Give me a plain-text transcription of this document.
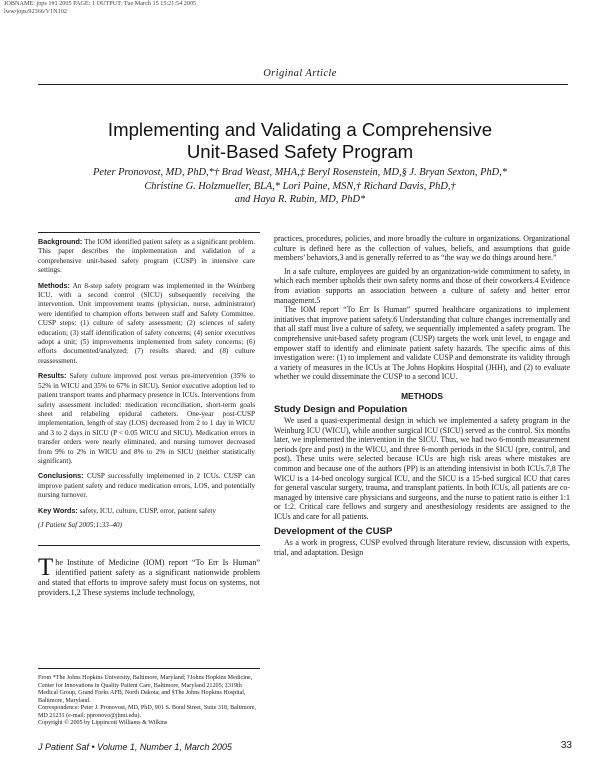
JOBNAME: jops 1#1 2005 PAGE: 1 OUTPUT: Tue March 15 15:21:54 2005
lww/jops/92366/V1N102
Original Article
Implementing and Validating a Comprehensive
Unit-Based Safety Program
Peter Pronovost, MD, PhD,*† Brad Weast, MHA,‡ Beryl Rosenstein, MD,§ J. Bryan Sexton, PhD,*
Christine G. Holzmueller, BLA,* Lori Paine, MSN,† Richard Davis, PhD,†
and Haya R. Rubin, MD, PhD*

Background: The IOM identified patient safety as a significant problem. This paper describes the implementation and validation of a comprehensive unit-based safety program (CUSP) in intensive care settings.

Methods: An 8-step safety program was implemented in the Weinberg ICU, with a second control (SICU) subsequently receiving the intervention. Unit improvement teams (physician, nurse, administrator) were identified to champion efforts between staff and Safety Committee. CUSP steps: (1) culture of safety assessment; (2) sciences of safety education; (3) staff identification of safety concerns; (4) senior executives adopt a unit; (5) improvements implemented from safety concerns; (6) efforts documented/analyzed; (7) results shared; and (8) culture reassessment.

Results: Safety culture improved post versus pre-intervention (35% to 52% in WICU and 35% to 67% in SICU). Senior executive adoption led to patient transport teams and pharmacy presence in ICUs. Interventions from safety assessment included: medication reconciliation, short-term goals sheet and relabeling epidural catheters. One-year post-CUSP implementation, length of stay (LOS) decreased from 2 to 1 day in WICU and 3 to 2 days in SICU (P < 0.05 WICU and SICU). Medication errors in transfer orders were nearly eliminated, and nursing turnover decreased from 9% to 2% in WICU and 8% to 2% in SICU (neither statistically significant).

Conclusions: CUSP successfully implemented in 2 ICUs. CUSP can improve patient safety and reduce medication errors, LOS, and potentially nursing turnover.

Key Words: safety, ICU, culture, CUSP, error, patient safety

(J Patient Saf 2005;1:33–40)

The Institute of Medicine (IOM) report “To Err Is Human” identified patient safety as a significant nationwide problem and stated that efforts to improve safety must focus on systems, not providers.1,2 These systems include technology,
From *The Johns Hopkins University, Baltimore, Maryland; †Johns Hopkins Medicine, Center for Innovations in Quality Patient Care, Baltimore, Maryland 21205; ‡319th Medical Group, Grand Forks AFB, North Dakota; and §The Johns Hopkins Hospital, Baltimore, Maryland.
Correspondence: Peter J. Pronovost, MD, PhD, 901 S. Bond Street, Suite 318, Baltimore, MD 21231 (e-mail: ppronovo@jhmi.edu).
Copyright © 2005 by Lippincott Williams & Wilkins

practices, procedures, policies, and more broadly the culture in organizations. Organizational culture is defined here as the collection of values, beliefs, and assumptions that guide members’ behaviors,3 and is generally referred to as “the way we do things around here.”

In a safe culture, employees are guided by an organization-wide commitment to safety, in which each member upholds their own safety norms and those of their coworkers.4 Evidence from aviation supports an association between a culture of safety and better error management.5

The IOM report “To Err Is Human” spurred healthcare organizations to implement initiatives that improve patient safety.6 Understanding that culture changes incrementally and that all staff must live a culture of safety, we sequentially implemented a safety program. The comprehensive unit-based safety program (CUSP) targets the work unit level, to engage and empower staff to identify and eliminate patient safety hazards. The specific aims of this investigation were: (1) to implement and validate CUSP and demonstrate its validity through a variety of measures in the ICUs at The Johns Hopkins Hospital (JHH), and (2) to evaluate whether we could disseminate the CUSP to a second ICU.

METHODS

Study Design and Population

We used a quasi-experimental design in which we implemented a safety program in the Weinburg ICU (WICU), while another surgical ICU (SICU) served as the control. Six months later, we implemented the intervention in the SICU. Thus, we had two 6-month measurement periods (pre and post) in the WICU, and three 6-month periods in the SICU (pre, control, and post). These units were selected because ICUs are high risk areas where mistakes are common and because one of the authors (PP) is an attending intensivist in both ICUs.7,8 The WICU is a 14-bed oncology surgical ICU, and the SICU is a 15-bed surgical ICU that cares for general vascular surgery, trauma, and transplant patients. In both ICUs, all patients are co-managed by intensive care physicians and surgeons, and the nurse to patient ratio is either 1:1 or 1:2. Critical care fellows and surgery and anesthesiology residents are assigned to the ICUs and care for all patients.

Development of the CUSP

As a work in progress, CUSP evolved through literature review, discussion with experts, trial, and adaptation. Design

J Patient Saf • Volume 1, Number 1, March 2005	33
